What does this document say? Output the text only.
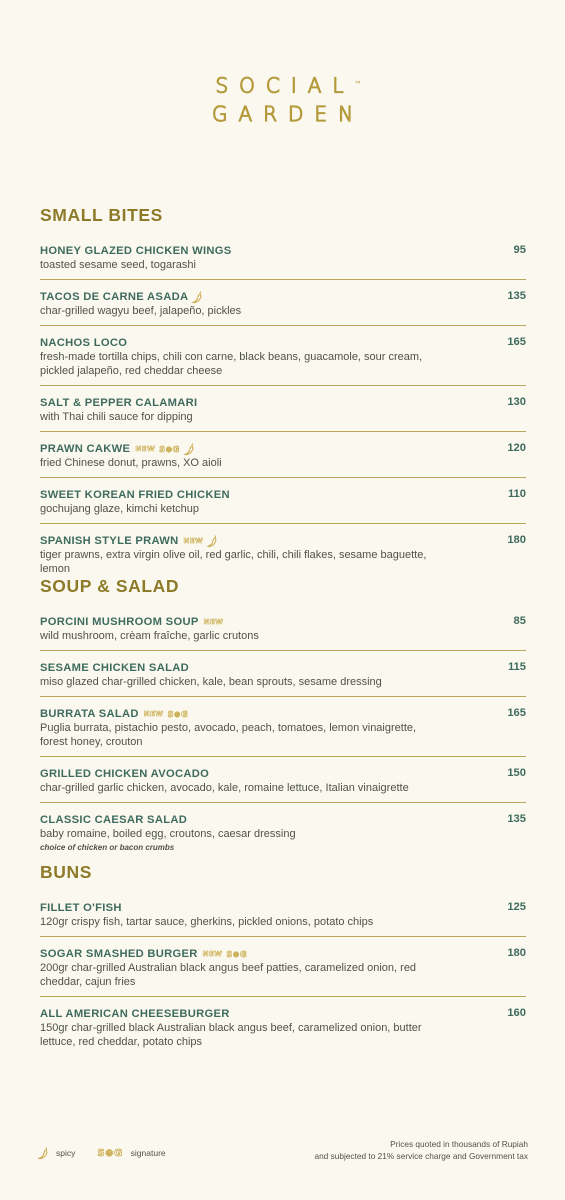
SOCIAL™
GARDEN
SMALL BITES
HONEY GLAZED CHICKEN WINGS	95
toasted sesame seed, togarashi
TACOS DE CARNE ASADA	135
char-grilled wagyu beef, jalapeño, pickles
NACHOS LOCO	165
fresh-made tortilla chips, chili con carne, black beans, guacamole, sour cream, pickled jalapeño, red cheddar cheese
SALT & PEPPER CALAMARI	130
with Thai chili sauce for dipping
PRAWN CAKWE NEW S⊕G	120
fried Chinese donut, prawns, XO aioli
SWEET KOREAN FRIED CHICKEN	110
gochujang glaze, kimchi ketchup
SPANISH STYLE PRAWN NEW	180
tiger prawns, extra virgin olive oil, red garlic, chili, chili flakes, sesame baguette, lemon
SOUP & SALAD
PORCINI MUSHROOM SOUP NEW	85
wild mushroom, crèam fraîche, garlic crutons
SESAME CHICKEN SALAD	115
miso glazed char-grilled chicken, kale, bean sprouts, sesame dressing
BURRATA SALAD NEW S⊕G	165
Puglia burrata, pistachio pesto, avocado, peach, tomatoes, lemon vinaigrette, forest honey, crouton
GRILLED CHICKEN AVOCADO	150
char-grilled garlic chicken, avocado, kale, romaine lettuce, Italian vinaigrette
CLASSIC CAESAR SALAD	135
baby romaine, boiled egg, croutons, caesar dressing
choice of chicken or bacon crumbs
BUNS
FILLET O'FISH	125
120gr crispy fish, tartar sauce, gherkins, pickled onions, potato chips
SOGAR SMASHED BURGER NEW S⊕G	180
200gr char-grilled Australian black angus beef patties, caramelized onion, red cheddar, cajun fries
ALL AMERICAN CHEESEBURGER	160
150gr char-grilled black Australian black angus beef, caramelized onion, butter lettuce, red cheddar, potato chips
spicy S⊕G signature
Prices quoted in thousands of Rupiah
and subjected to 21% service charge and Government tax
